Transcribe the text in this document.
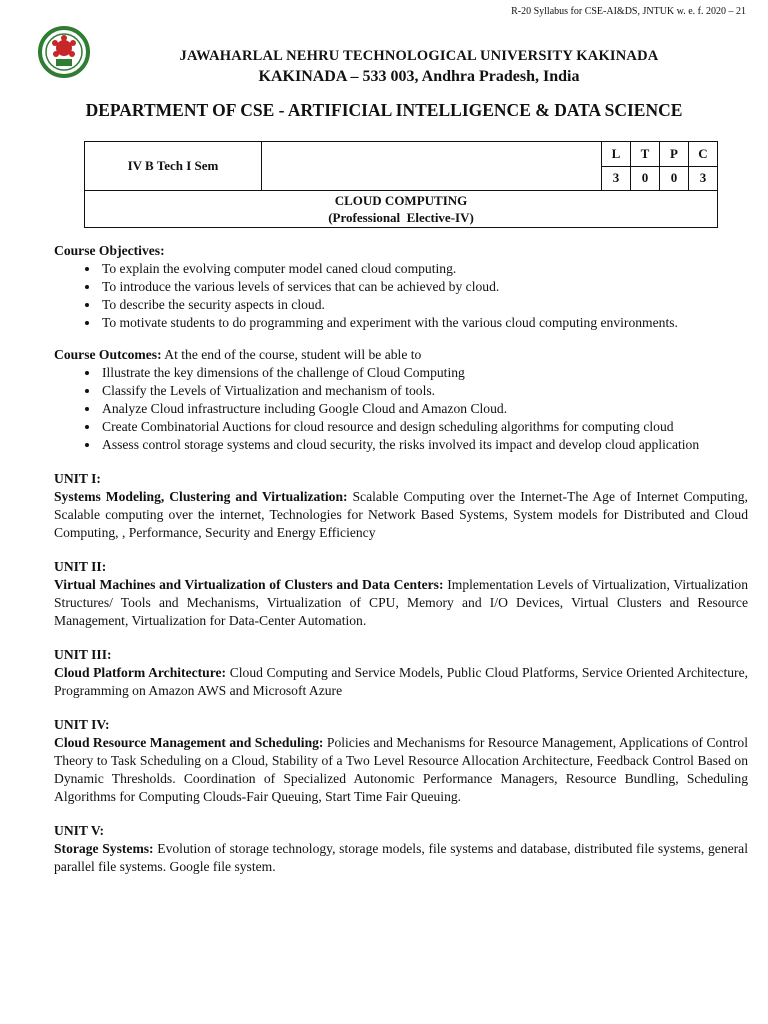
R-20 Syllabus for CSE-AI&DS, JNTUK w. e. f. 2020 – 21
JAWAHARLAL NEHRU TECHNOLOGICAL UNIVERSITY KAKINADA
KAKINADA – 533 003, Andhra Pradesh, India
DEPARTMENT OF CSE - ARTIFICIAL INTELLIGENCE & DATA SCIENCE
IV B Tech I Sem		L	T	P	C
		3	0	0	3

CLOUD COMPUTING
(Professional  Elective-IV)					
Course Objectives:
• To explain the evolving computer model caned cloud computing.
• To introduce the various levels of services that can be achieved by cloud.
• To describe the security aspects in cloud.
• To motivate students to do programming and experiment with the various cloud computing environments.
Course Outcomes: At the end of the course, student will be able to
• Illustrate the key dimensions of the challenge of Cloud Computing
• Classify the Levels of Virtualization and mechanism of tools.
• Analyze Cloud infrastructure including Google Cloud and Amazon Cloud.
• Create Combinatorial Auctions for cloud resource and design scheduling algorithms for computing cloud
• Assess control storage systems and cloud security, the risks involved its impact and develop cloud application
UNIT I:
Systems Modeling, Clustering and Virtualization: Scalable Computing over the Internet-The Age of Internet Computing, Scalable computing over the internet, Technologies for Network Based Systems, System models for Distributed and Cloud Computing, , Performance, Security and Energy Efficiency
UNIT II:
Virtual Machines and Virtualization of Clusters and Data Centers: Implementation Levels of Virtualization, Virtualization Structures/ Tools and Mechanisms, Virtualization of CPU, Memory and I/O Devices, Virtual Clusters and Resource Management, Virtualization for Data-Center Automation.
UNIT III:
Cloud Platform Architecture: Cloud Computing and Service Models, Public Cloud Platforms, Service Oriented Architecture, Programming on Amazon AWS and Microsoft Azure
UNIT IV:
Cloud Resource Management and Scheduling: Policies and Mechanisms for Resource Management, Applications of Control Theory to Task Scheduling on a Cloud, Stability of a Two Level Resource Allocation Architecture, Feedback Control Based on Dynamic Thresholds. Coordination of Specialized Autonomic Performance Managers, Resource Bundling, Scheduling Algorithms for Computing Clouds-Fair Queuing, Start Time Fair Queuing.
UNIT V:
Storage Systems: Evolution of storage technology, storage models, file systems and database, distributed file systems, general parallel file systems. Google file system.
